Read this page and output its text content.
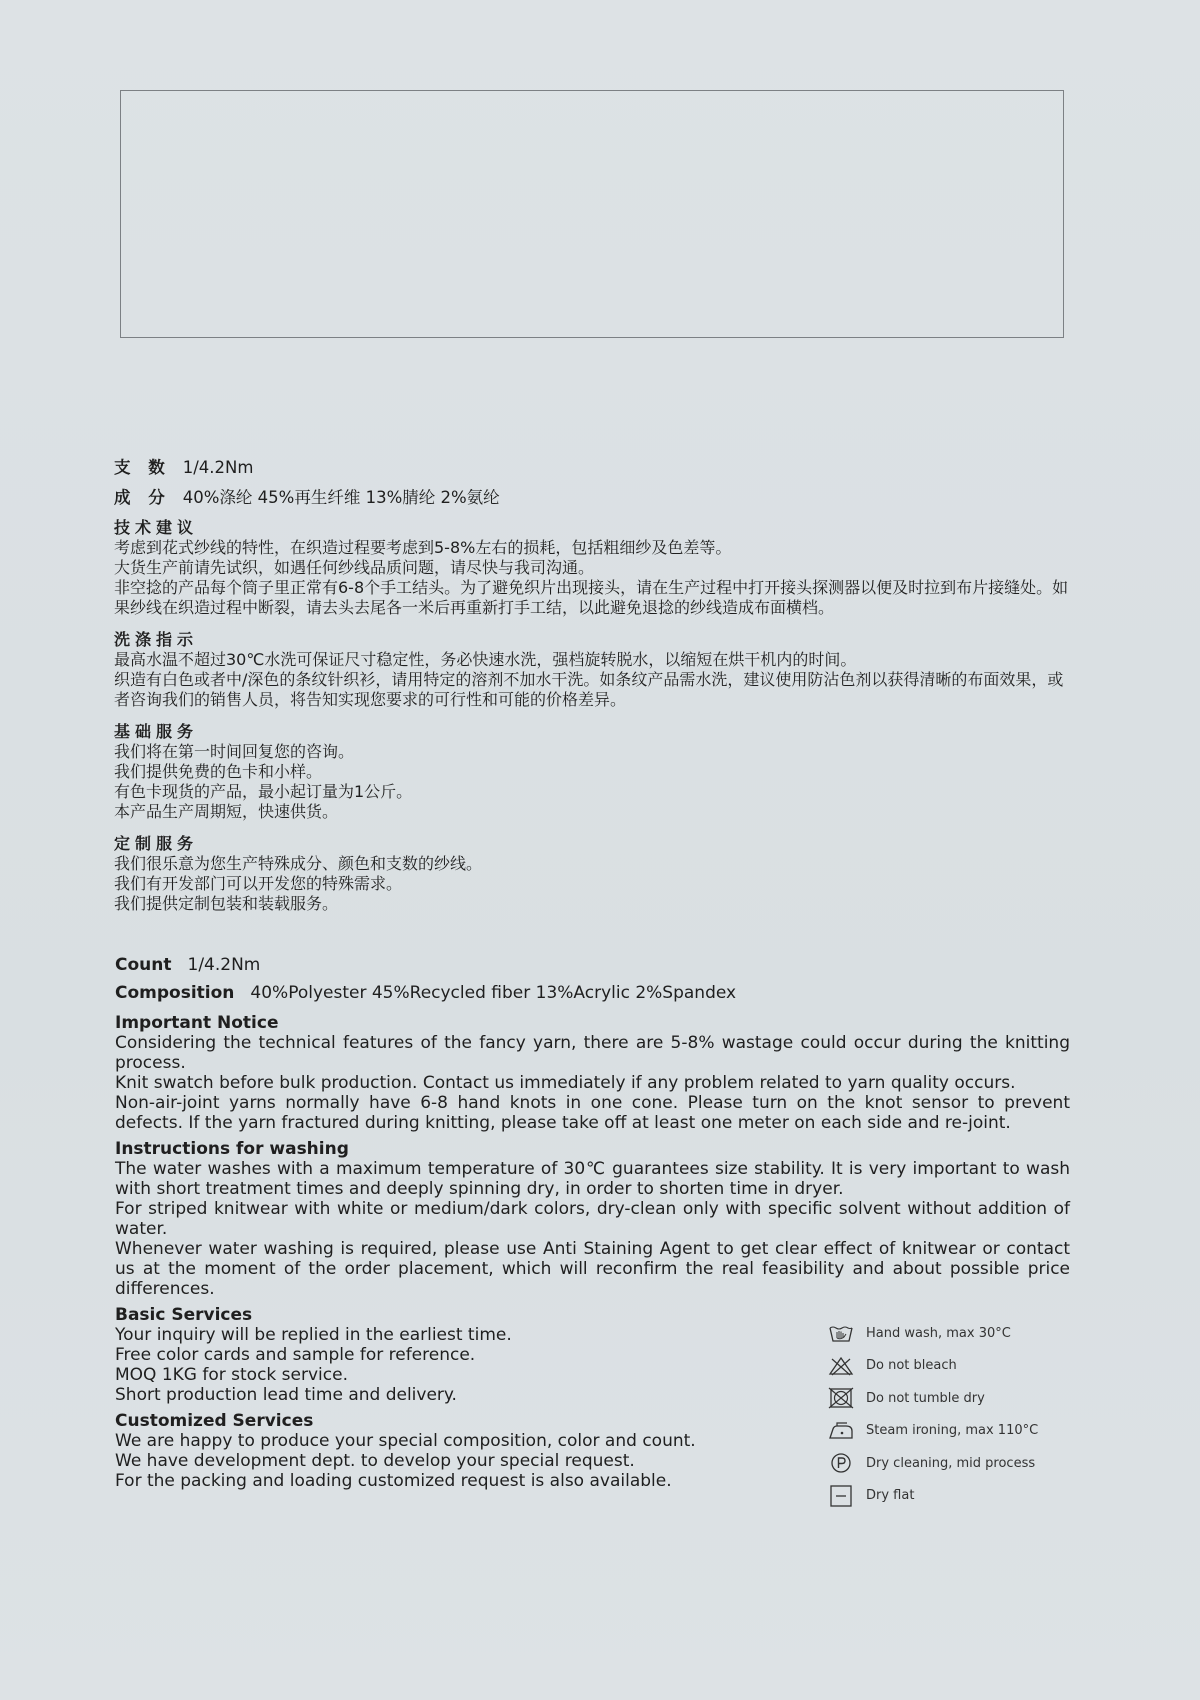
支 数 1/4.2Nm
成 分 40%涤纶 45%再生纤维 13%腈纶 2%氨纶
技术建议

考虑到花式纱线的特性，在织造过程要考虑到5-8%左右的损耗，包括粗细纱及色差等。

大货生产前请先试织，如遇任何纱线品质问题，请尽快与我司沟通。

非空捻的产品每个筒子里正常有6-8个手工结头。为了避免织片出现接头，请在生产过程中打开接头探测器以便及时拉到布片接缝处。如果纱线在织造过程中断裂，请去头去尾各一米后再重新打手工结，以此避免退捻的纱线造成布面横档。

洗涤指示

最高水温不超过30℃水洗可保证尺寸稳定性，务必快速水洗，强档旋转脱水，以缩短在烘干机内的时间。

织造有白色或者中/深色的条纹针织衫，请用特定的溶剂不加水干洗。如条纹产品需水洗，建议使用防沾色剂以获得清晰的布面效果，或者咨询我们的销售人员，将告知实现您要求的可行性和可能的价格差异。

基础服务

我们将在第一时间回复您的咨询。

我们提供免费的色卡和小样。

有色卡现货的产品，最小起订量为1公斤。

本产品生产周期短，快速供货。

定制服务

我们很乐意为您生产特殊成分、颜色和支数的纱线。

我们有开发部门可以开发您的特殊需求。

我们提供定制包装和装载服务。

Count 1/4.2Nm
Composition 40%Polyester 45%Recycled fiber 13%Acrylic 2%Spandex
Important Notice

Considering the technical features of the fancy yarn, there are 5-8% wastage could occur during the knitting process.

Knit swatch before bulk production. Contact us immediately if any problem related to yarn quality occurs.

Non-air-joint yarns normally have 6-8 hand knots in one cone. Please turn on the knot sensor to prevent defects. If the yarn fractured during knitting, please take off at least one meter on each side and re-joint.

Instructions for washing

The water washes with a maximum temperature of 30℃ guarantees size stability. It is very important to wash with short treatment times and deeply spinning dry, in order to shorten time in dryer.

For striped knitwear with white or medium/dark colors, dry-clean only with specific solvent without addition of water.

Whenever water washing is required, please use Anti Staining Agent to get clear effect of knitwear or contact us at the moment of the order placement, which will reconfirm the real feasibility and about possible price differences.

Basic Services

Your inquiry will be replied in the earliest time.

Free color cards and sample for reference.

MOQ 1KG for stock service.

Short production lead time and delivery.

Customized Services

We are happy to produce your special composition, color and count.

We have development dept. to develop your special request.

For the packing and loading customized request is also available.

Hand wash, max 30°C
Do not bleach
Do not tumble dry
Steam ironing, max 110°C
Dry cleaning, mid process
Dry flat
